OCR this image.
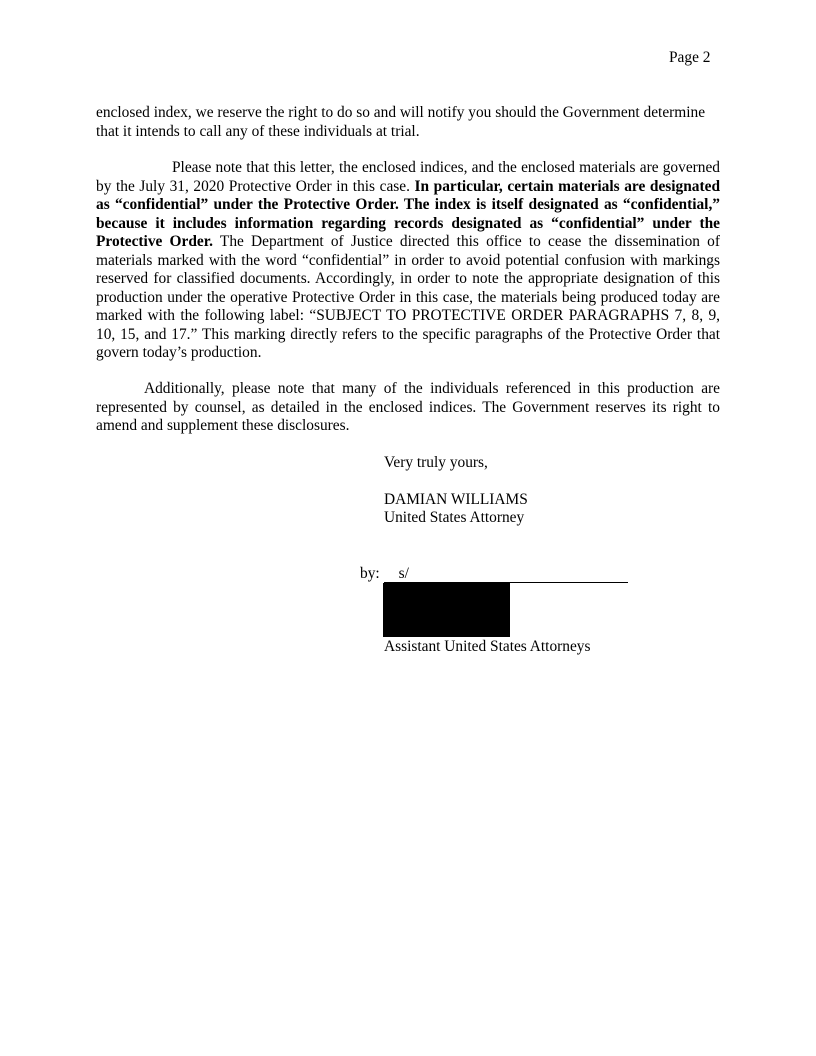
Page 2

enclosed index, we reserve the right to do so and will notify you should the Government determine that it intends to call any of these individuals at trial.

Please note that this letter, the enclosed indices, and the enclosed materials are governed by the July 31, 2020 Protective Order in this case. In particular, certain materials are designated as “confidential” under the Protective Order. The index is itself designated as “confidential,” because it includes information regarding records designated as “confidential” under the Protective Order. The Department of Justice directed this office to cease the dissemination of materials marked with the word “confidential” in order to avoid potential confusion with markings reserved for classified documents. Accordingly, in order to note the appropriate designation of this production under the operative Protective Order in this case, the materials being produced today are marked with the following label: “SUBJECT TO PROTECTIVE ORDER PARAGRAPHS 7, 8, 9, 10, 15, and 17.” This marking directly refers to the specific paragraphs of the Protective Order that govern today’s production.

Additionally, please note that many of the individuals referenced in this production are represented by counsel, as detailed in the enclosed indices. The Government reserves its right to amend and supplement these disclosures.

Very truly yours,
DAMIAN WILLIAMS
United States Attorney
by: s/
Assistant United States Attorneys
